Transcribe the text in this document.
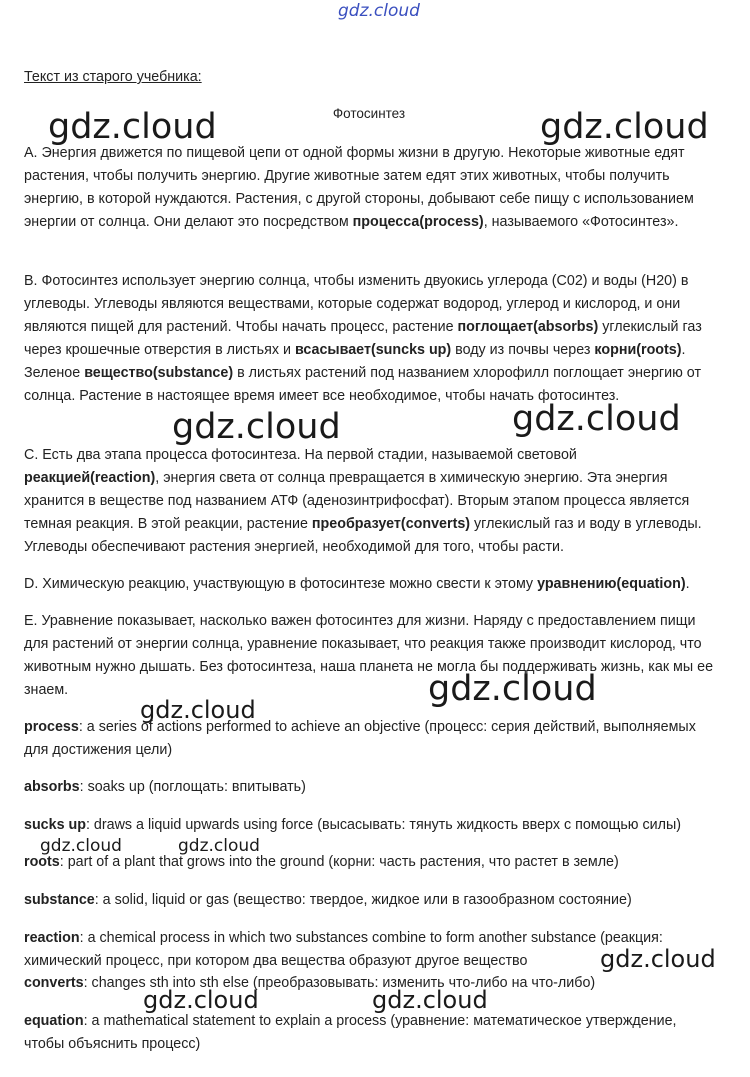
gdz.cloud
gdz.cloud	gdz.cloud
gdz.cloud	gdz.cloud
gdz.cloud
gdz.cloud
gdz.cloud	gdz.cloud
gdz.cloud
gdz.cloud	gdz.cloud
Текст из старого учебника:
Фотосинтез
A. Энергия движется по пищевой цепи от одной формы жизни в другую. Некоторые животные едят растения, чтобы получить энергию. Другие животные затем едят этих животных, чтобы получить энергию, в которой нуждаются. Растения, с другой стороны, добывают себе пищу с использованием энергии от солнца. Они делают это посредством процесса(process), называемого «Фотосинтез».
B. Фотосинтез использует энергию солнца, чтобы изменить двуокись углерода (C02) и воды (H20) в углеводы. Углеводы являются веществами, которые содержат водород, углерод и кислород, и они являются пищей для растений. Чтобы начать процесс, растение поглощает(absorbs) углекислый газ через крошечные отверстия в листьях и всасывает(suncks up) воду из почвы через корни(roots). Зеленое вещество(substance) в листьях растений под названием хлорофилл поглощает энергию от солнца. Растение в настоящее время имеет все необходимое, чтобы начать фотосинтез.
C. Есть два этапа процесса фотосинтеза. На первой стадии, называемой световой реакцией(reaction), энергия света от солнца превращается в химическую энергию. Эта энергия хранится в веществе под названием АТФ (аденозинтрифосфат). Вторым этапом процесса является темная реакция. В этой реакции, растение преобразует(converts) углекислый газ и воду в углеводы. Углеводы обеспечивают растения энергией, необходимой для того, чтобы расти.
D. Химическую реакцию, участвующую в фотосинтезе можно свести к этому уравнению(equation).
E. Уравнение показывает, насколько важен фотосинтез для жизни. Наряду с предоставлением пищи для растений от энергии солнца, уравнение показывает, что реакция также производит кислород, что животным нужно дышать. Без фотосинтеза, наша планета не могла бы поддерживать жизнь, как мы ее знаем.
process: a series of actions performed to achieve an objective (процесс: серия действий, выполняемых для достижения цели)
absorbs: soaks up (поглощать: впитывать)
sucks up: draws a liquid upwards using force (высасывать: тянуть жидкость вверх с помощью силы)
roots: part of a plant that grows into the ground (корни: часть растения, что растет в земле)
substance: a solid, liquid or gas (вещество: твердое, жидкое или в газообразном состояние)
reaction: a chemical process in which two substances combine to form another substance (реакция: химический процесс, при котором два вещества образуют другое вещество
converts: changes sth into sth else (преобразовывать: изменить что-либо на что-либо)
equation: a mathematical statement to explain a process (уравнение: математическое утверждение, чтобы объяснить процесс)
